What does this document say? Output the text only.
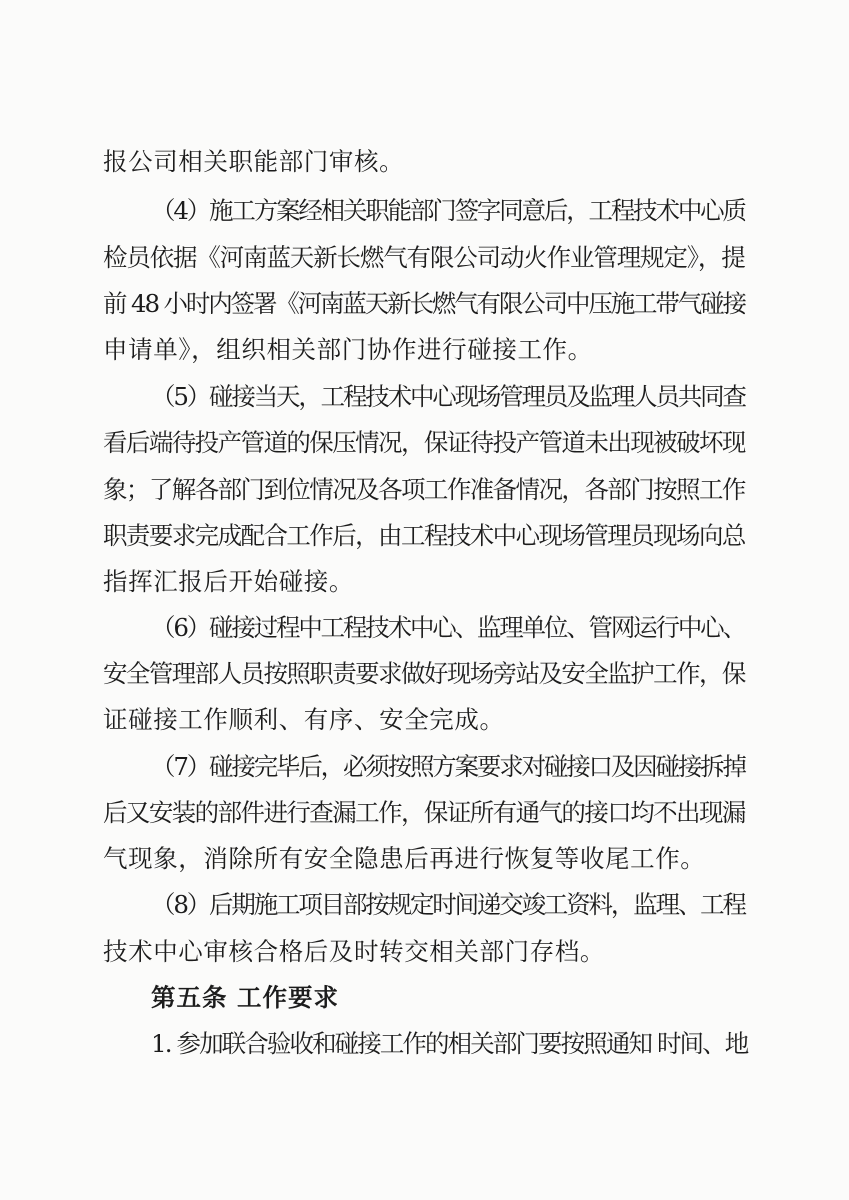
报公司相关职能部门审核。
（4）施工方案经相关职能部门签字同意后，工程技术中心质
检员依据《河南蓝天新长燃气有限公司动火作业管理规定》，提
前 48 小时内签署《河南蓝天新长燃气有限公司中压施工带气碰接
申请单》，组织相关部门协作进行碰接工作。
（5）碰接当天，工程技术中心现场管理员及监理人员共同查
看后端待投产管道的保压情况，保证待投产管道未出现被破坏现
象；了解各部门到位情况及各项工作准备情况，各部门按照工作
职责要求完成配合工作后，由工程技术中心现场管理员现场向总
指挥汇报后开始碰接。
（6）碰接过程中工程技术中心、监理单位、管网运行中心、
安全管理部人员按照职责要求做好现场旁站及安全监护工作，保
证碰接工作顺利、有序、安全完成。
（7）碰接完毕后，必须按照方案要求对碰接口及因碰接拆掉
后又安装的部件进行查漏工作，保证所有通气的接口均不出现漏
气现象，消除所有安全隐患后再进行恢复等收尾工作。
（8）后期施工项目部按规定时间递交竣工资料，监理、工程
技术中心审核合格后及时转交相关部门存档。
第五条 工作要求
1. 参加联合验收和碰接工作的相关部门要按照通知 时间、地
